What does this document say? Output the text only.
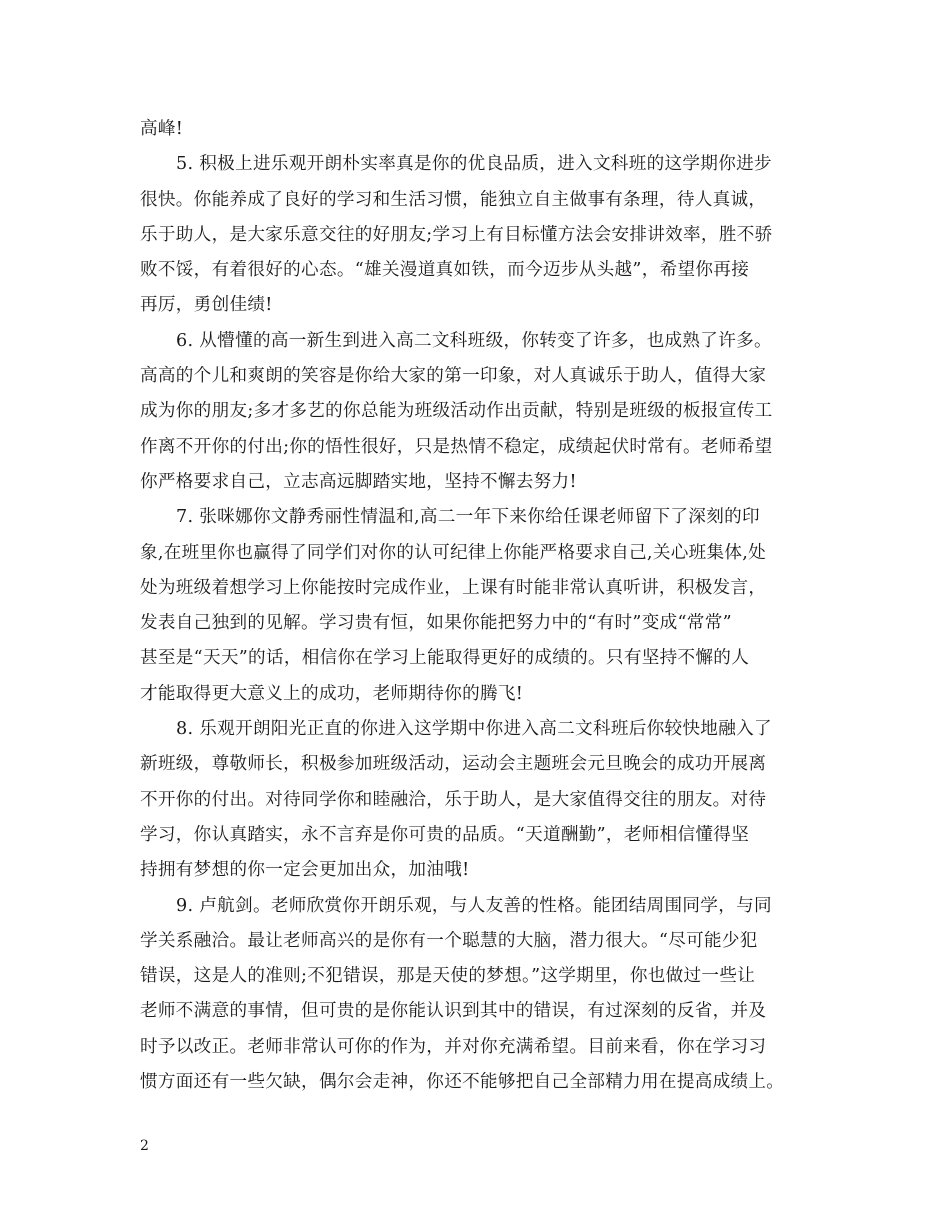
高峰!
5. 积极上进乐观开朗朴实率真是你的优良品质，进入文科班的这学期你进步
很快。你能养成了良好的学习和生活习惯，能独立自主做事有条理，待人真诚，
乐于助人，是大家乐意交往的好朋友;学习上有目标懂方法会安排讲效率，胜不骄
败不馁，有着很好的心态。“雄关漫道真如铁，而今迈步从头越”，希望你再接
再厉，勇创佳绩!
6. 从懵懂的高一新生到进入高二文科班级，你转变了许多，也成熟了许多。
高高的个儿和爽朗的笑容是你给大家的第一印象，对人真诚乐于助人，值得大家
成为你的朋友;多才多艺的你总能为班级活动作出贡献，特别是班级的板报宣传工
作离不开你的付出;你的悟性很好，只是热情不稳定，成绩起伏时常有。老师希望
你严格要求自己，立志高远脚踏实地，坚持不懈去努力!
7. 张咪娜你文静秀丽性情温和,高二一年下来你给任课老师留下了深刻的印
象,在班里你也赢得了同学们对你的认可纪律上你能严格要求自己,关心班集体,处
处为班级着想学习上你能按时完成作业，上课有时能非常认真听讲，积极发言，
发表自己独到的见解。学习贵有恒，如果你能把努力中的“有时”变成“常常”
甚至是“天天”的话，相信你在学习上能取得更好的成绩的。只有坚持不懈的人
才能取得更大意义上的成功，老师期待你的腾飞!
8. 乐观开朗阳光正直的你进入这学期中你进入高二文科班后你较快地融入了
新班级，尊敬师长，积极参加班级活动，运动会主题班会元旦晚会的成功开展离
不开你的付出。对待同学你和睦融洽，乐于助人，是大家值得交往的朋友。对待
学习，你认真踏实，永不言弃是你可贵的品质。“天道酬勤”，老师相信懂得坚
持拥有梦想的你一定会更加出众，加油哦!
9. 卢航剑。老师欣赏你开朗乐观，与人友善的性格。能团结周围同学，与同
学关系融洽。最让老师高兴的是你有一个聪慧的大脑，潜力很大。“尽可能少犯
错误，这是人的准则;不犯错误，那是天使的梦想。”这学期里，你也做过一些让
老师不满意的事情，但可贵的是你能认识到其中的错误，有过深刻的反省，并及
时予以改正。老师非常认可你的作为，并对你充满希望。目前来看，你在学习习
惯方面还有一些欠缺，偶尔会走神，你还不能够把自己全部精力用在提高成绩上。
2
